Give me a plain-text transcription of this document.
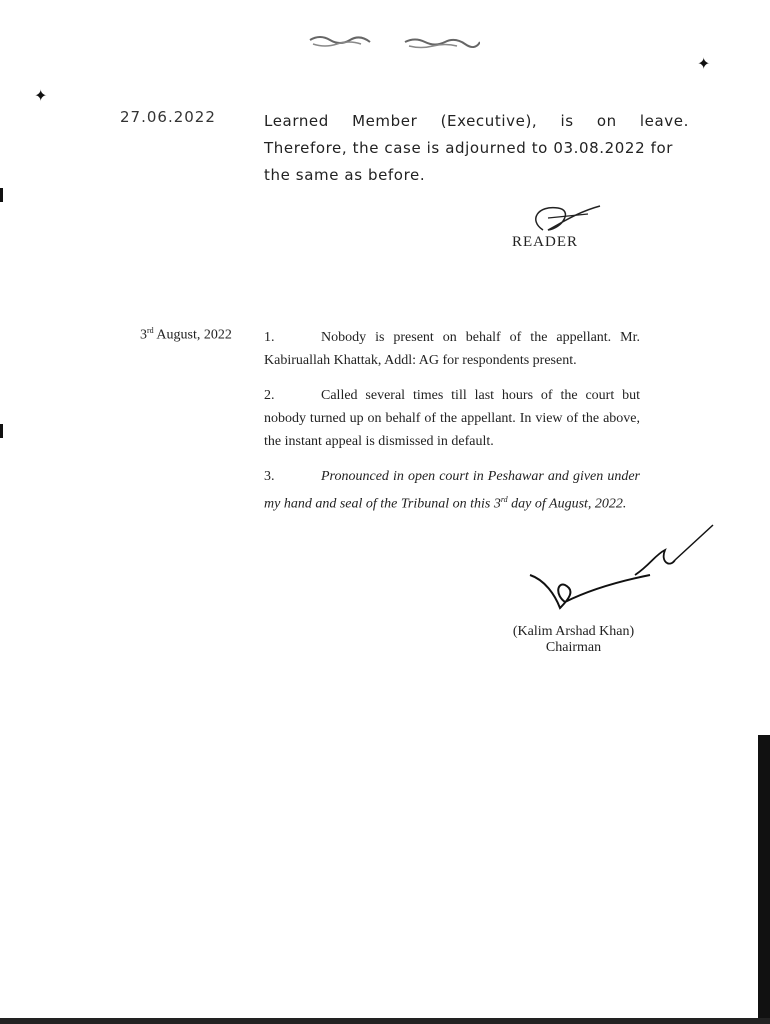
✦
✦
27.06.2022	Learned Member (Executive), is on leave.
Therefore, the case is adjourned to 03.08.2022 for
the same as before.
READER
3rd August, 2022 1.	Nobody is present on behalf of the appellant. Mr. Kabiruallah Khattak, Addl: AG for respondents present.

2.	Called several times till last hours of the court but nobody turned up on behalf of the appellant. In view of the above, the instant appeal is dismissed in default.

3.	Pronounced in open court in Peshawar and given under my hand and seal of the Tribunal on this 3rd day of August, 2022.

(Kalim Arshad Khan)
Chairman
